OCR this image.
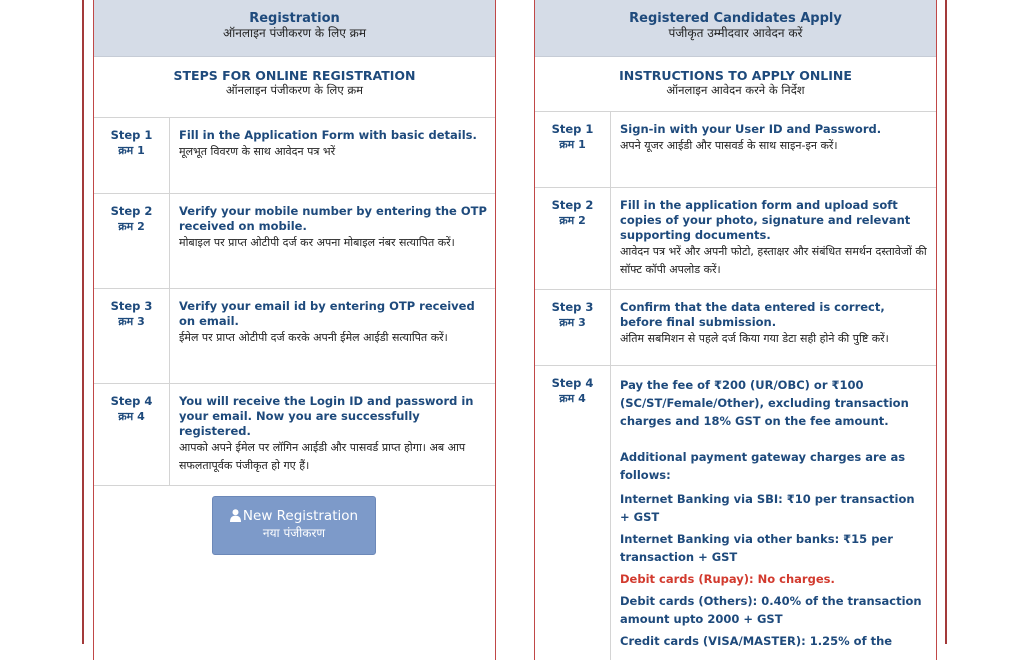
Registration
ऑनलाइन पंजीकरण के लिए क्रम
STEPS FOR ONLINE REGISTRATION
ऑनलाइन पंजीकरण के लिए क्रम
Step 1
क्रम 1
Fill in the Application Form with basic details.
मूलभूत विवरण के साथ आवेदन पत्र भरें
Step 2
क्रम 2
Verify your mobile number by entering the OTP received on mobile.
मोबाइल पर प्राप्त ओटीपी दर्ज कर अपना मोबाइल नंबर सत्यापित करें।
Step 3
क्रम 3
Verify your email id by entering OTP received on email.
ईमेल पर प्राप्त ओटीपी दर्ज करके अपनी ईमेल आईडी सत्यापित करें।
Step 4
क्रम 4
You will receive the Login ID and password in your email. Now you are successfully registered.
आपको अपने ईमेल पर लॉगिन आईडी और पासवर्ड प्राप्त होगा। अब आप सफलतापूर्वक पंजीकृत हो गए हैं।
New Registration
नया पंजीकरण
Registered Candidates Apply
पंजीकृत उम्मीदवार आवेदन करें
INSTRUCTIONS TO APPLY ONLINE
ऑनलाइन आवेदन करने के निर्देश
Step 1
क्रम 1
Sign-in with your User ID and Password.
अपने यूजर आईडी और पासवर्ड के साथ साइन-इन करें।
Step 2
क्रम 2
Fill in the application form and upload soft copies of your photo, signature and relevant supporting documents.
आवेदन पत्र भरें और अपनी फोटो, हस्ताक्षर और संबंधित समर्थन दस्तावेजों की सॉफ्ट कॉपी अपलोड करें।
Step 3
क्रम 3
Confirm that the data entered is correct, before final submission.
अंतिम सबमिशन से पहले दर्ज किया गया डेटा सही होने की पुष्टि करें।
Step 4
क्रम 4

Pay the fee of ₹200 (UR/OBC) or ₹100 (SC/ST/Female/Other), excluding transaction charges and 18% GST on the fee amount.

Additional payment gateway charges are as follows:

Internet Banking via SBI: ₹10 per transaction + GST

Internet Banking via other banks: ₹15 per transaction + GST

Debit cards (Rupay): No charges.

Debit cards (Others): 0.40% of the transaction amount upto 2000 + GST

Credit cards (VISA/MASTER): 1.25% of the
